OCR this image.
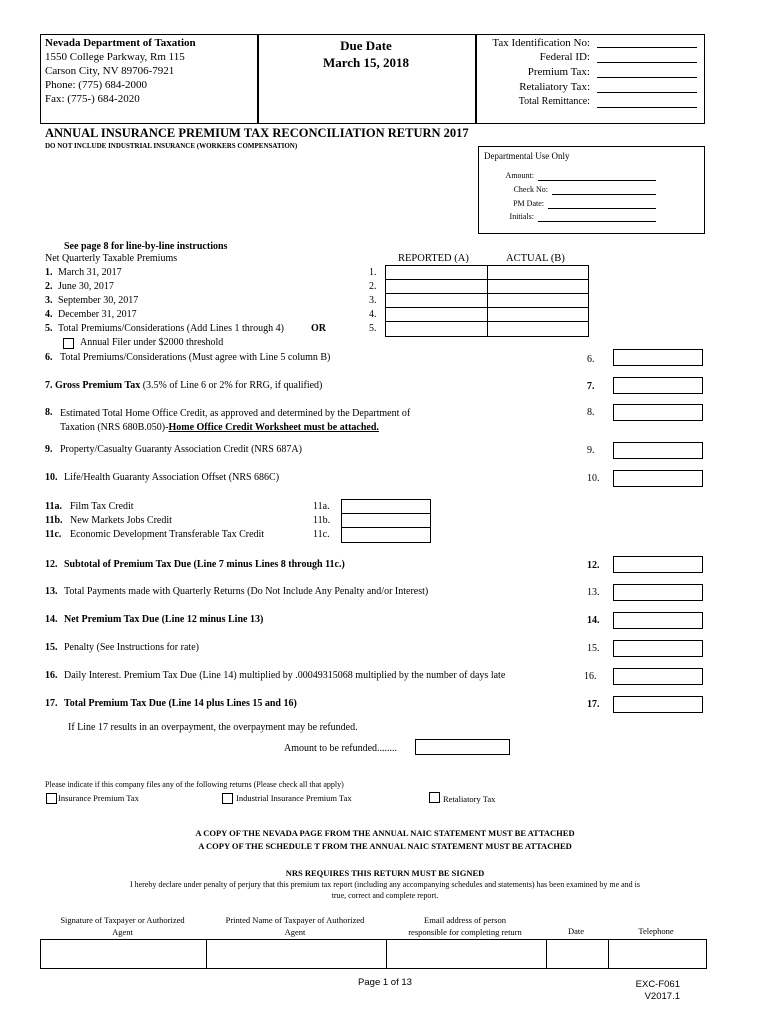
Nevada Department of Taxation
1550 College Parkway, Rm 115
Carson City, NV 89706-7921
Phone: (775) 684-2000
Fax: (775-) 684-2020
Due Date
March 15, 2018
Tax Identification No:
Federal ID:
Premium Tax:
Retaliatory Tax:
Total Remittance:
ANNUAL INSURANCE PREMIUM TAX RECONCILIATION RETURN 2017
DO NOT INCLUDE INDUSTRIAL INSURANCE (WORKERS COMPENSATION)
Departmental Use Only
Amount:
Check No:
PM Date:
Initials:
See page 8 for line-by-line instructions
Net Quarterly Taxable Premiums	REPORTED (A)	ACTUAL (B)
1. March 31, 2017	1.
2. June 30, 2017	2.
3. September 30, 2017	3.
4. December 31, 2017	4.
5. Total Premiums/Considerations (Add Lines 1 through 4)	OR	5.
Annual Filer under $2000 threshold
6. Total Premiums/Considerations (Must agree with Line 5 column B)	6.
7. Gross Premium Tax (3.5% of Line 6 or 2% for RRG, if qualified)	7.
8. Estimated Total Home Office Credit, as approved and determined by the Department of
Taxation (NRS 680B.050)-Home Office Credit Worksheet must be attached.
8.
9. Property/Casualty Guaranty Association Credit (NRS 687A)	9.
10. Life/Health Guaranty Association Offset (NRS 686C)	10.
11a. Film Tax Credit	11a.
11b. New Markets Jobs Credit	11b.
11c. Economic Development Transferable Tax Credit	11c.
12. Subtotal of Premium Tax Due (Line 7 minus Lines 8 through 11c.)	12.
13. Total Payments made with Quarterly Returns (Do Not Include Any Penalty and/or Interest)	13.
14. Net Premium Tax Due (Line 12 minus Line 13)	14.
15. Penalty (See Instructions for rate)	15.
16. Daily Interest. Premium Tax Due (Line 14) multiplied by .00049315068 multiplied by the number of days late	16.
17. Total Premium Tax Due (Line 14 plus Lines 15 and 16)	17.
If Line 17 results in an overpayment, the overpayment may be refunded.
Amount to be refunded........
Please indicate if this company files any of the following returns (Please check all that apply)
Insurance Premium Tax	Industrial Insurance Premium Tax	Retaliatory Tax
A COPY OF THE NEVADA PAGE FROM THE ANNUAL NAIC STATEMENT MUST BE ATTACHED
A COPY OF THE SCHEDULE T FROM THE ANNUAL NAIC STATEMENT MUST BE ATTACHED
NRS REQUIRES THIS RETURN MUST BE SIGNED
I hereby declare under penalty of perjury that this premium tax report (including any accompanying schedules and statements) has been examined by me and is
true, correct and complete report.
Signature of Taxpayer or Authorized
Agent
Printed Name of Taxpayer of Authorized
Agent
Email address of person
responsible for completing return	Date	Telephone
Page 1 of 13	EXC-F061
V2017.1
